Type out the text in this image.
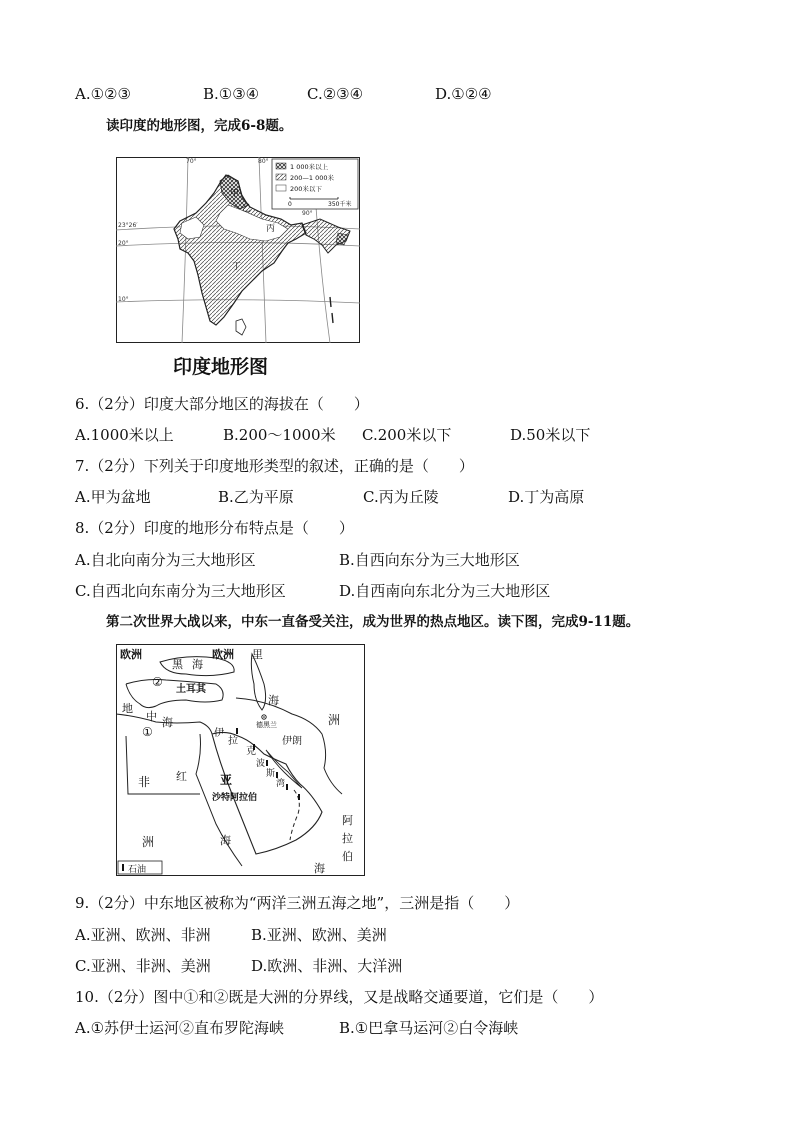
A.①②③	B.①③④	C.②③④	D.①②④
读印度的地形图，完成6-8题。
70°	80°
90°
23°26′
20°
10°
甲
乙
丙
丁
1 000米以上
200—1 000米
200米以下
0	350千米
印度地形图
6.（2分）印度大部分地区的海拔在（　　）
A.1000米以上	B.200～1000米 C.200米以下	D.50米以下
7.（2分）下列关于印度地形类型的叙述，正确的是（　　）
A.甲为盆地	B.乙为平原	C.丙为丘陵	D.丁为高原
8.（2分）印度的地形分布特点是（　　）
A.自北向南分为三大地形区	B.自西向东分为三大地形区
C.自西北向东南分为三大地形区	D.自西南向东北分为三大地形区
第二次世界大战以来，中东一直备受关注，成为世界的热点地区。读下图，完成9-11题。
欧洲
黑 海
欧洲 里
海
土耳其
②
地
中 海
①	伊
拉
克
德黑兰
伊朗
洲
亚
沙特阿拉伯
非 红
洲	海
波
斯
湾
阿
拉
伯
海
石油
9.（2分）中东地区被称为“两洋三洲五海之地”，三洲是指（　　）
A.亚洲、欧洲、非洲	B.亚洲、欧洲、美洲
C.亚洲、非洲、美洲	D.欧洲、非洲、大洋洲
10.（2分）图中①和②既是大洲的分界线，又是战略交通要道，它们是（　　）
A.①苏伊士运河②直布罗陀海峡	B.①巴拿马运河②白令海峡
